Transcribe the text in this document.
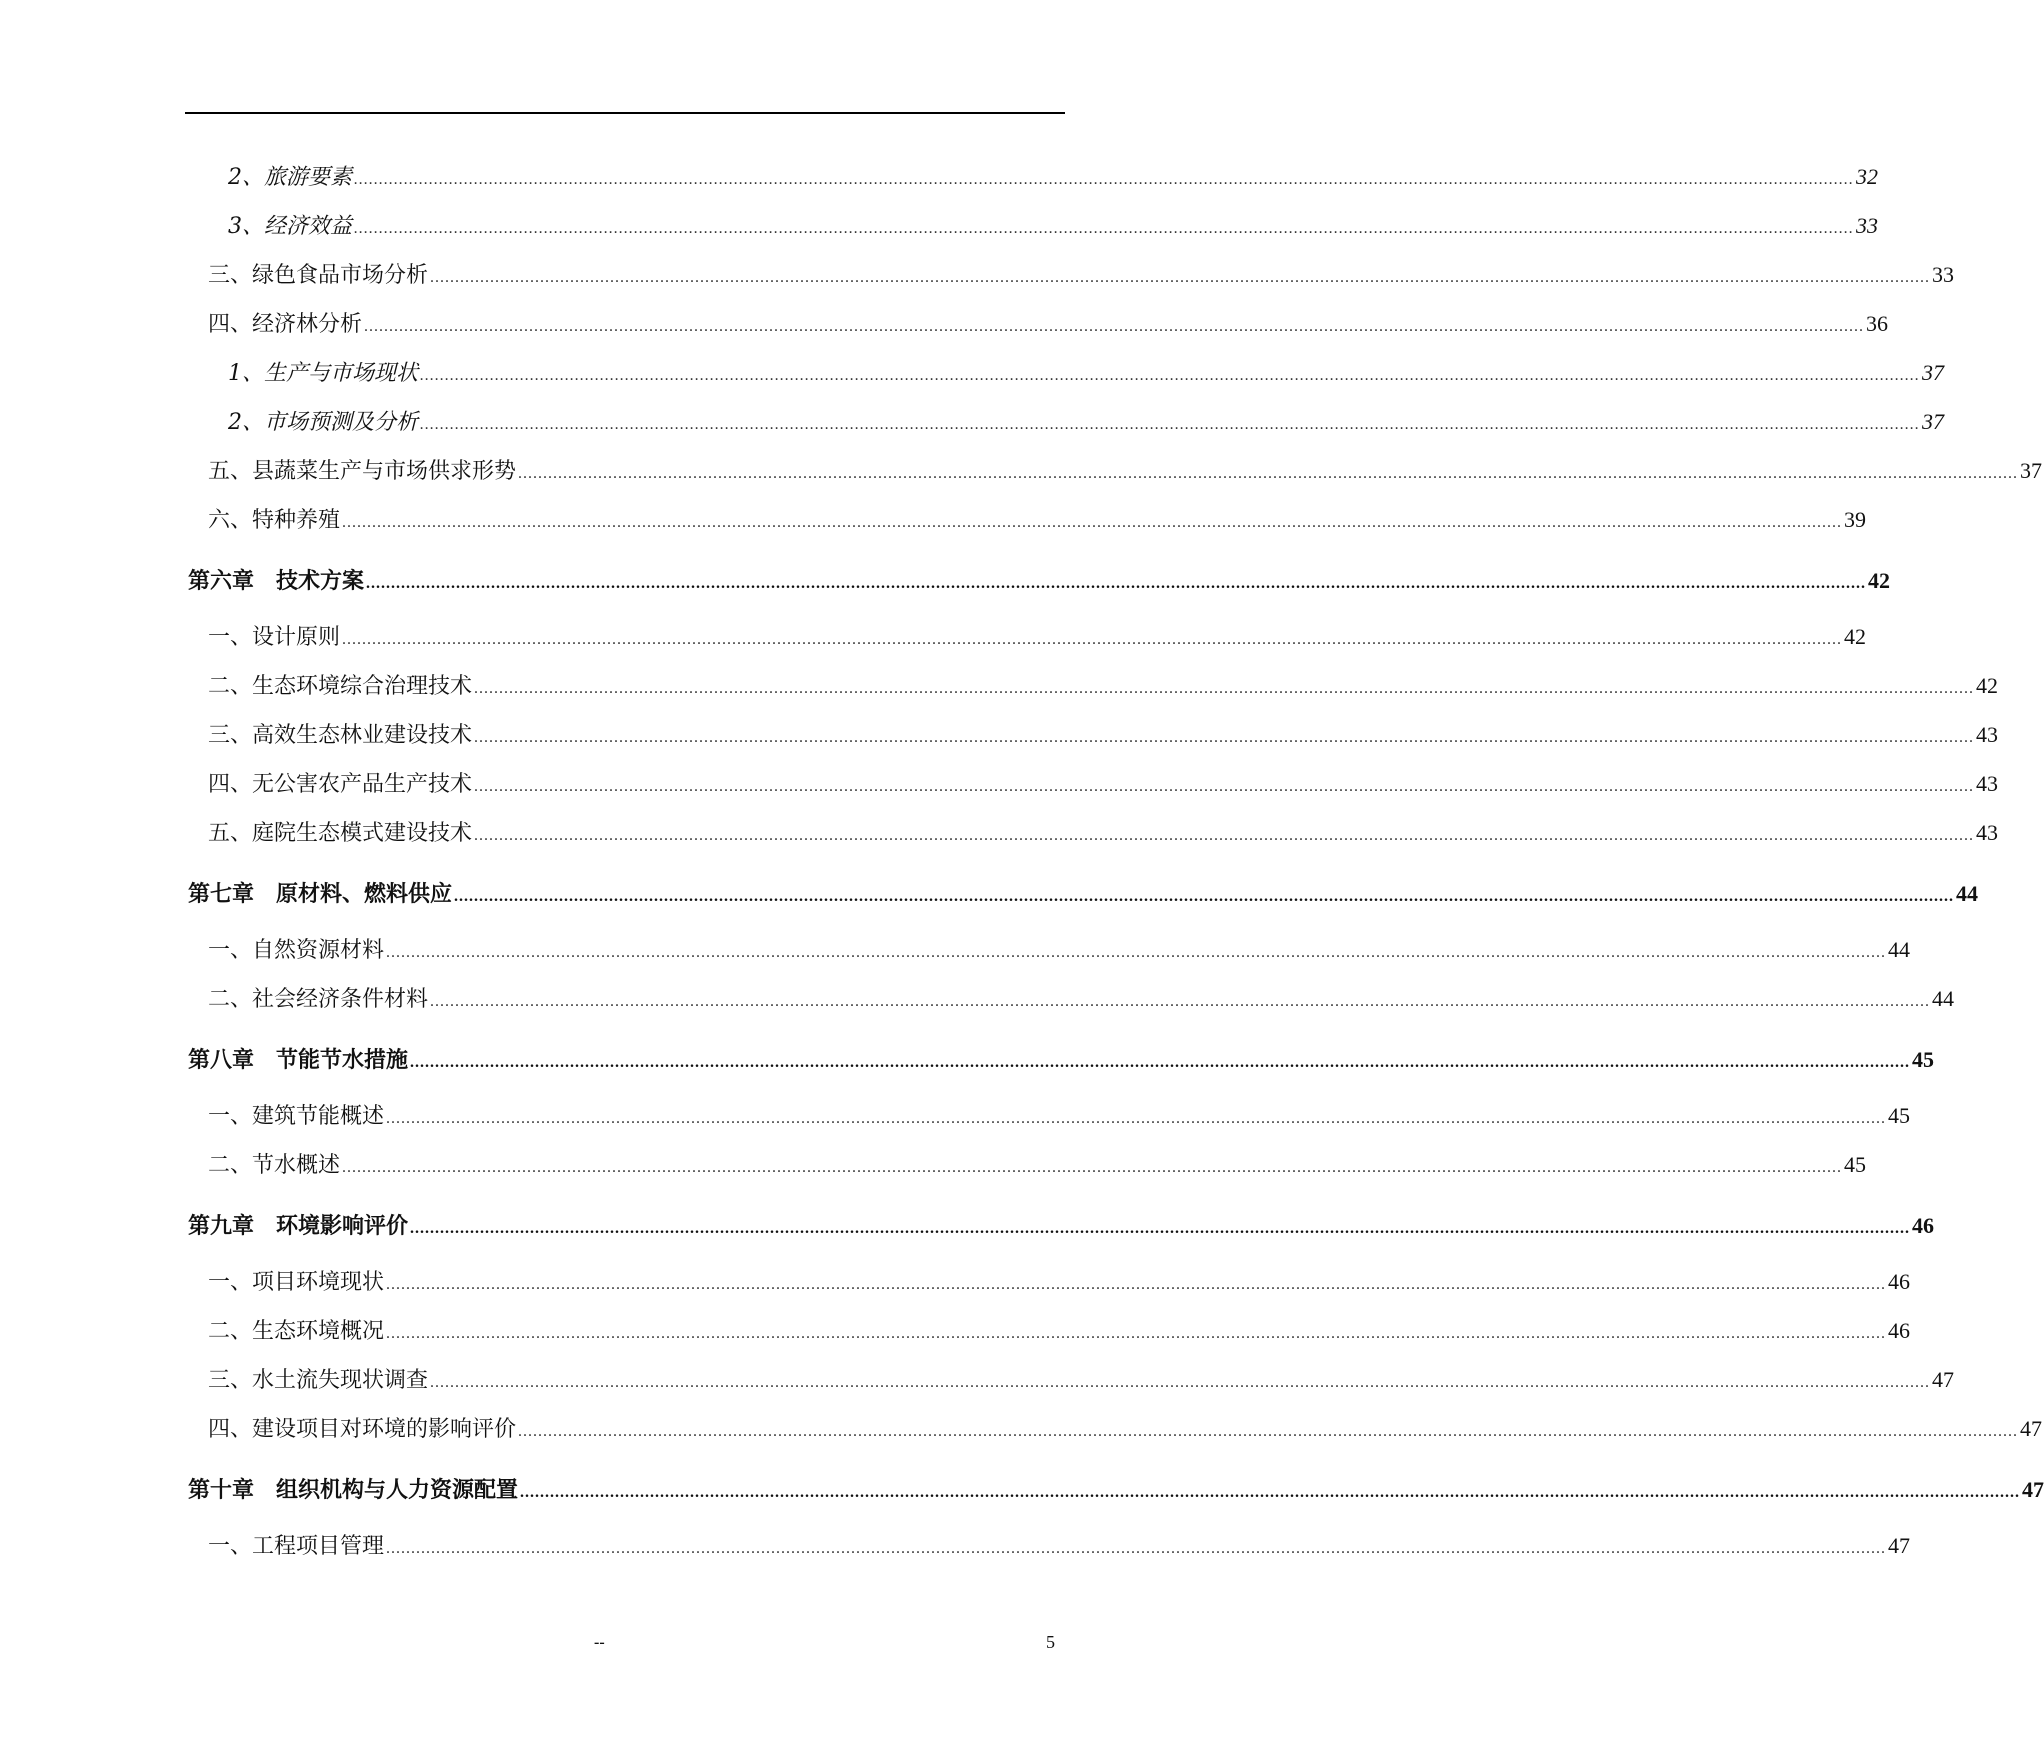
2、旅游要素 ............................................................................................................................................................................................................................................................................................................ 32
3、经济效益 ............................................................................................................................................................................................................................................................................................................ 33
三、绿色食品市场分析 ............................................................................................................................................................................................................................................................................................................ 33
四、经济林分析 ............................................................................................................................................................................................................................................................................................................ 36
1、生产与市场现状 ............................................................................................................................................................................................................................................................................................................ 37
2、市场预测及分析 ............................................................................................................................................................................................................................................................................................................ 37
五、县蔬菜生产与市场供求形势 ............................................................................................................................................................................................................................................................................................................ 37
六、特种养殖 ............................................................................................................................................................................................................................................................................................................ 39
第六章　技术方案 ............................................................................................................................................................................................................................................................................................................ 42
一、设计原则 ............................................................................................................................................................................................................................................................................................................ 42
二、生态环境综合治理技术 ............................................................................................................................................................................................................................................................................................................ 42
三、高效生态林业建设技术 ............................................................................................................................................................................................................................................................................................................ 43
四、无公害农产品生产技术 ............................................................................................................................................................................................................................................................................................................ 43
五、庭院生态模式建设技术 ............................................................................................................................................................................................................................................................................................................ 43
第七章　原材料、燃料供应 ............................................................................................................................................................................................................................................................................................................ 44
一、自然资源材料 ............................................................................................................................................................................................................................................................................................................ 44
二、社会经济条件材料 ............................................................................................................................................................................................................................................................................................................ 44
第八章　节能节水措施 ............................................................................................................................................................................................................................................................................................................ 45
一、建筑节能概述 ............................................................................................................................................................................................................................................................................................................ 45
二、节水概述 ............................................................................................................................................................................................................................................................................................................ 45
第九章　环境影响评价 ............................................................................................................................................................................................................................................................................................................ 46
一、项目环境现状 ............................................................................................................................................................................................................................................................................................................ 46
二、生态环境概况 ............................................................................................................................................................................................................................................................................................................ 46
三、水土流失现状调查 ............................................................................................................................................................................................................................................................................................................ 47
四、建设项目对环境的影响评价 ............................................................................................................................................................................................................................................................................................................ 47
第十章　组织机构与人力资源配置 ............................................................................................................................................................................................................................................................................................................ 47
一、工程项目管理 ............................................................................................................................................................................................................................................................................................................ 47
--	5
